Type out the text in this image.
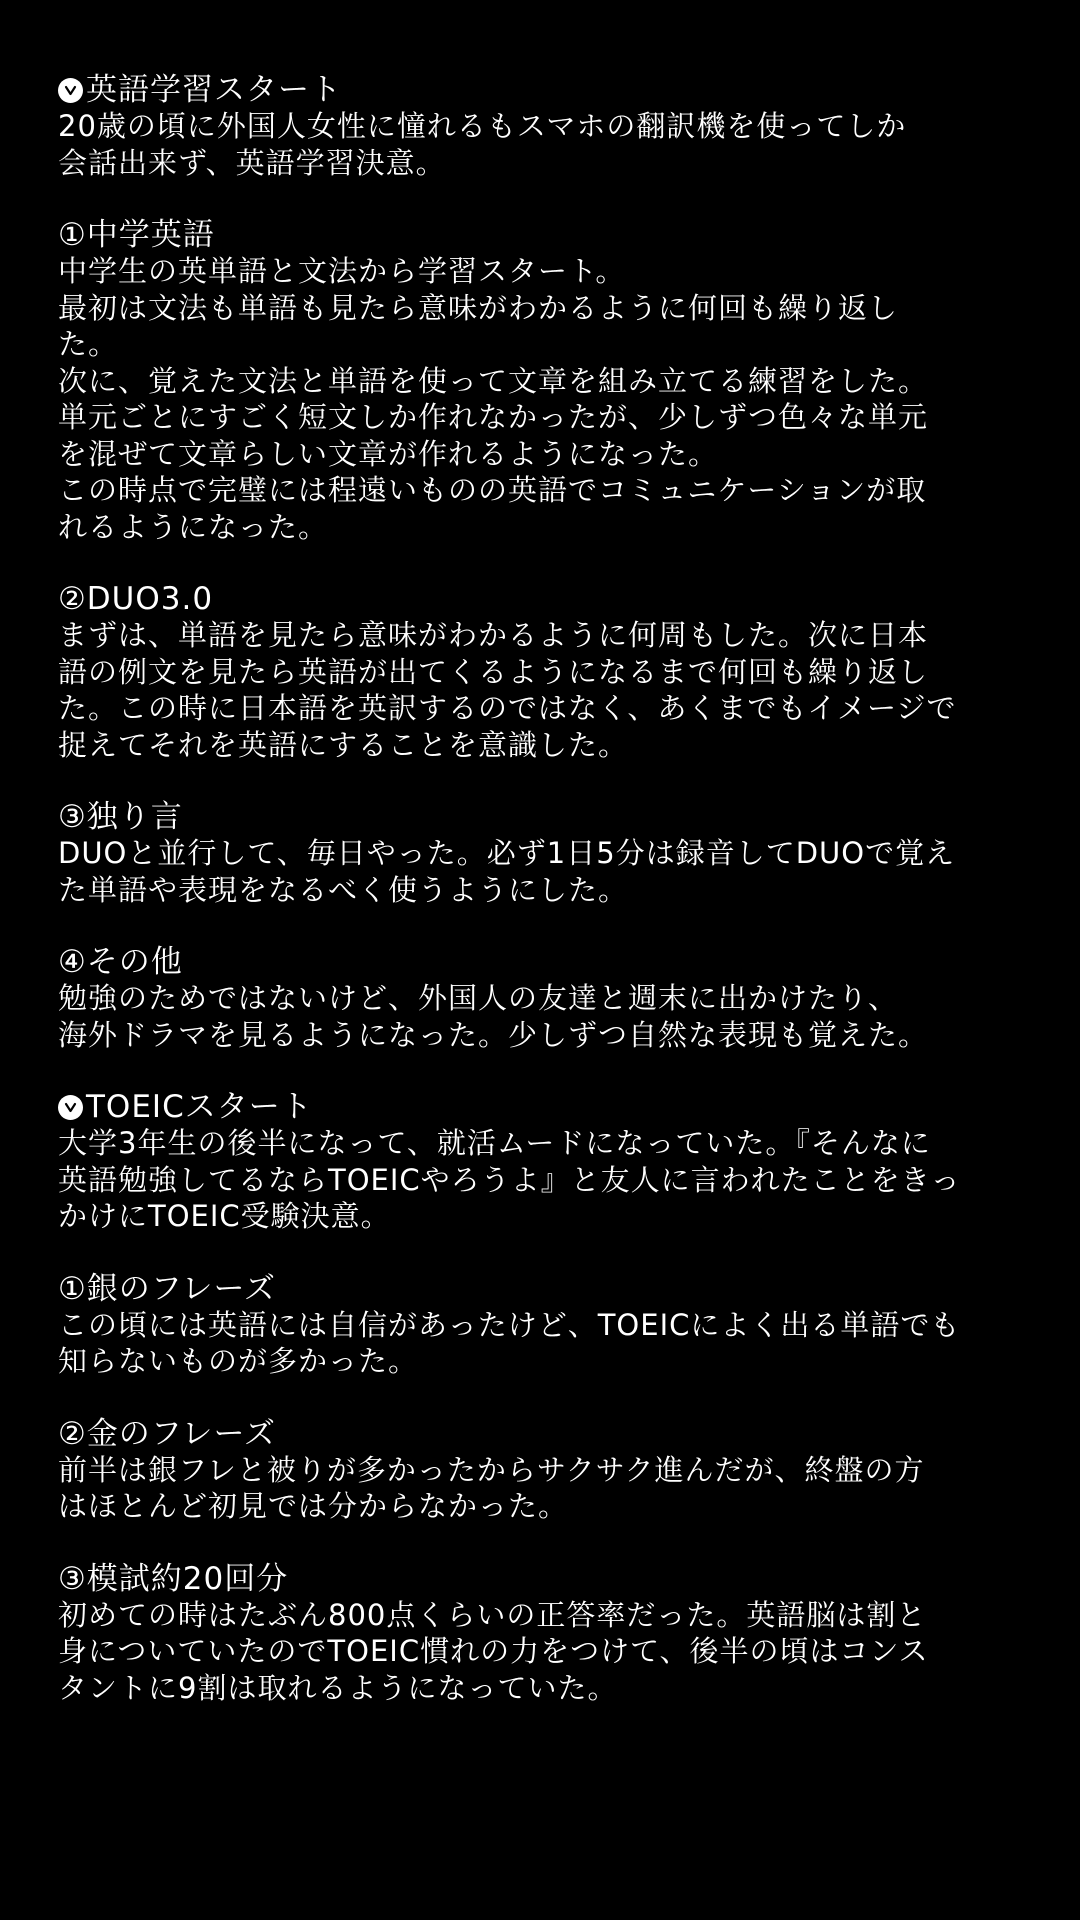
英語学習スタート
20歳の頃に外国人女性に憧れるもスマホの翻訳機を使ってしか
会話出来ず、英語学習決意。
①中学英語
中学生の英単語と文法から学習スタート。
最初は文法も単語も見たら意味がわかるように何回も繰り返し
た。
次に、覚えた文法と単語を使って文章を組み立てる練習をした。
単元ごとにすごく短文しか作れなかったが、少しずつ色々な単元
を混ぜて文章らしい文章が作れるようになった。
この時点で完璧には程遠いものの英語でコミュニケーションが取
れるようになった。
②DUO3.0
まずは、単語を見たら意味がわかるように何周もした。次に日本
語の例文を見たら英語が出てくるようになるまで何回も繰り返し
た。この時に日本語を英訳するのではなく、あくまでもイメージで
捉えてそれを英語にすることを意識した。
③独り言
DUOと並行して、毎日やった。必ず1日5分は録音してDUOで覚え
た単語や表現をなるべく使うようにした。
④その他
勉強のためではないけど、外国人の友達と週末に出かけたり、
海外ドラマを見るようになった。少しずつ自然な表現も覚えた。
TOEICスタート
大学3年生の後半になって、就活ムードになっていた。『そんなに
英語勉強してるならTOEICやろうよ』と友人に言われたことをきっ
かけにTOEIC受験決意。
①銀のフレーズ
この頃には英語には自信があったけど、TOEICによく出る単語でも
知らないものが多かった。
②金のフレーズ
前半は銀フレと被りが多かったからサクサク進んだが、終盤の方
はほとんど初見では分からなかった。
③模試約20回分
初めての時はたぶん800点くらいの正答率だった。英語脳は割と
身についていたのでTOEIC慣れの力をつけて、後半の頃はコンス
タントに9割は取れるようになっていた。
